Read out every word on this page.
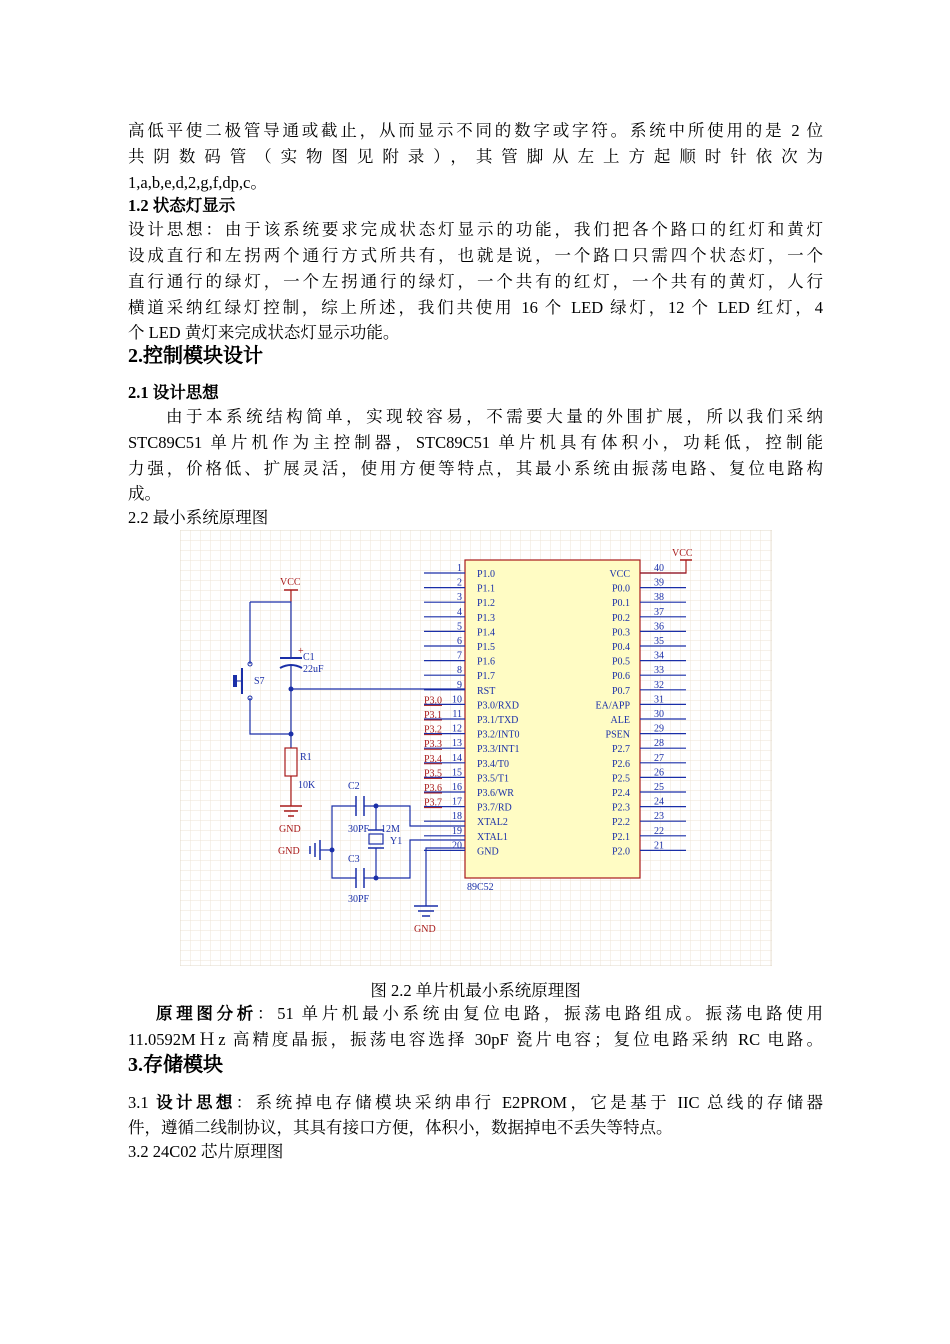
高低平使二极管导通或截止，从而显示不同的数字或字符。系统中所使用的是 2 位
共阴数码管（实物图见附录），其管脚从左上方起顺时针依次为
1,a,b,e,d,2,g,f,dp,c。
1.2 状态灯显示
设计思想：由于该系统要求完成状态灯显示的功能，我们把各个路口的红灯和黄灯
设成直行和左拐两个通行方式所共有，也就是说，一个路口只需四个状态灯，一个
直行通行的绿灯，一个左拐通行的绿灯，一个共有的红灯，一个共有的黄灯，人行
横道采纳红绿灯控制，综上所述，我们共使用 16 个 LED 绿灯，12 个 LED 红灯，4
个 LED 黄灯来完成状态灯显示功能。
2.控制模块设计
2.1 设计思想
由于本系统结构简单，实现较容易，不需要大量的外围扩展，所以我们采纳
STC89C51 单片机作为主控制器，STC89C51 单片机具有体积小，功耗低，控制能
力强，价格低、扩展灵活，使用方便等特点，其最小系统由振荡电路、复位电路构
成。
2.2 最小系统原理图
89C52
1
P1.0
2
P1.1
3
P1.2
4
P1.3
5
P1.4
6
P1.5
7
P1.6
8
P1.7
9
RST
10
P3.0/RXD
11
P3.1/TXD
12
P3.2/INT0
13
P3.3/INT1
14
P3.4/T0
15
P3.5/T1
16
P3.6/WR
17
P3.7/RD
18
XTAL2
19
XTAL1
20
GND
40
VCC
39
P0.0
38
P0.1
37
P0.2
36
P0.3
35
P0.4
34
P0.5
33
P0.6
32
P0.7
31
EA/APP
30
ALE
29
PSEN
28
P2.7
27
P2.6
26
P2.5
25
P2.4
24
P2.3
23
P2.2
22
P2.1
21
P2.0
P3.0
P3.1
P3.2
P3.3
P3.4
P3.5
P3.6
P3.7
VCC
VCC
+
C1
22uF
S7
R1
10K
GND
C2
30PF 12M
Y1
C3
30PF
GND
GND
图 2.2 单片机最小系统原理图
原理图分析：51 单片机最小系统由复位电路，振荡电路组成。振荡电路使用
11.0592MＨz 高精度晶振，振荡电容选择 30pF 瓷片电容；复位电路采纳 RC 电路。
3.存储模块
3.1 设计思想：系统掉电存储模块采纳串行 E2PROM，它是基于 IIC 总线的存储器
件，遵循二线制协议，其具有接口方便，体积小，数据掉电不丢失等特点。
3.2 24C02 芯片原理图
